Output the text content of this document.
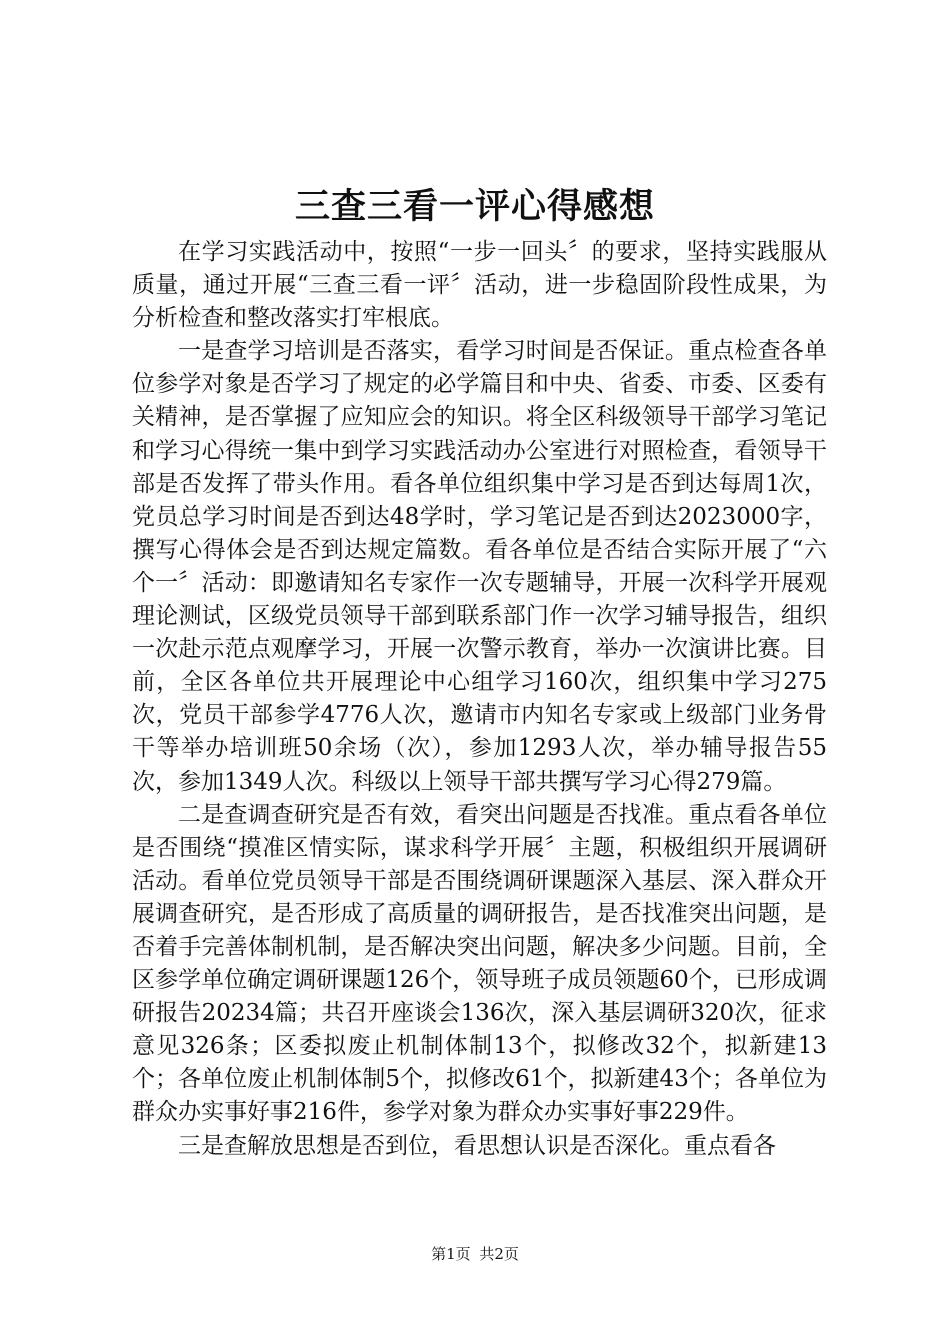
三查三看一评心得感想

在学习实践活动中，按照“一步一回头〞的要求，坚持实践服从质量，通过开展“三查三看一评〞活动，进一步稳固阶段性成果，为分析检查和整改落实打牢根底。

一是查学习培训是否落实，看学习时间是否保证。重点检查各单位参学对象是否学习了规定的必学篇目和中央、省委、市委、区委有关精神，是否掌握了应知应会的知识。将全区科级领导干部学习笔记和学习心得统一集中到学习实践活动办公室进行对照检查，看领导干部是否发挥了带头作用。看各单位组织集中学习是否到达每周1次，党员总学习时间是否到达48学时，学习笔记是否到达2023000字，撰写心得体会是否到达规定篇数。看各单位是否结合实际开展了“六个一〞活动：即邀请知名专家作一次专题辅导，开展一次科学开展观理论测试，区级党员领导干部到联系部门作一次学习辅导报告，组织一次赴示范点观摩学习，开展一次警示教育，举办一次演讲比赛。目前，全区各单位共开展理论中心组学习160次，组织集中学习275次，党员干部参学4776人次，邀请市内知名专家或上级部门业务骨干等举办培训班50余场（次），参加1293人次，举办辅导报告55次，参加1349人次。科级以上领导干部共撰写学习心得279篇。

二是查调查研究是否有效，看突出问题是否找准。重点看各单位是否围绕“摸准区情实际，谋求科学开展〞主题，积极组织开展调研活动。看单位党员领导干部是否围绕调研课题深入基层、深入群众开展调查研究，是否形成了高质量的调研报告，是否找准突出问题，是否着手完善体制机制，是否解决突出问题，解决多少问题。目前，全区参学单位确定调研课题126个，领导班子成员领题60个，已形成调研报告20234篇；共召开座谈会136次，深入基层调研320次，征求意见326条；区委拟废止机制体制13个，拟修改32个，拟新建13个；各单位废止机制体制5个，拟修改61个，拟新建43个；各单位为群众办实事好事216件，参学对象为群众办实事好事229件。

三是查解放思想是否到位，看思想认识是否深化。重点看各

第1页 共2页
